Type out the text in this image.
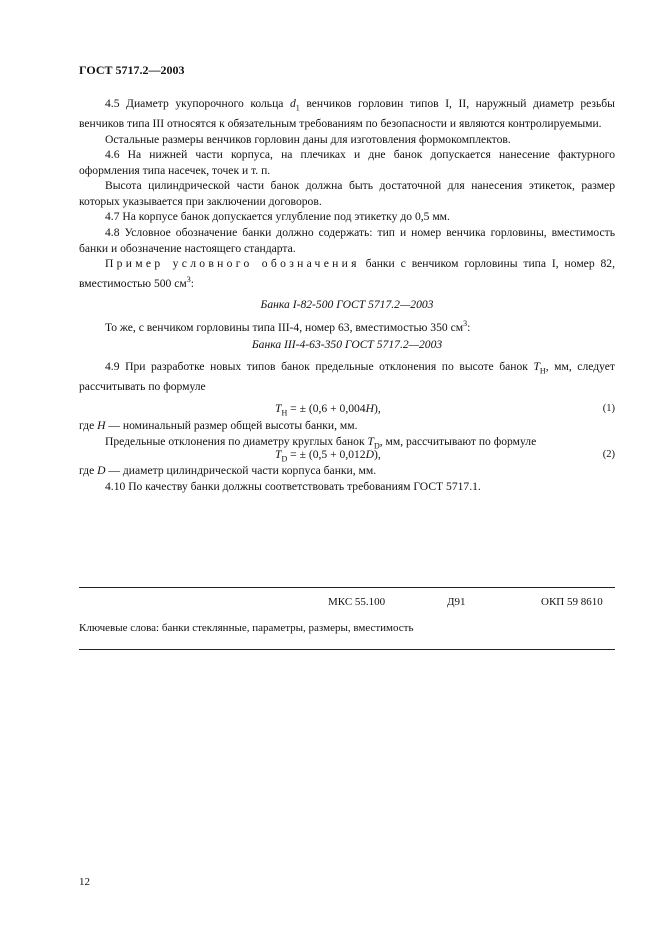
ГОСТ 5717.2—2003

4.5 Диаметр укупорочного кольца $d_1$ венчиков горловин типов I, II, наружный диаметр резьбы венчиков типа III относятся к обязательным требованиям по безопасности и являются контролируемыми.

Остальные размеры венчиков горловин даны для изготовления формокомплектов.

4.6 На нижней части корпуса, на плечиках и дне банок допускается нанесение фактурного оформления типа насечек, точек и т. п.

Высота цилиндрической части банок должна быть достаточной для нанесения этикеток, размер которых указывается при заключении договоров.

4.7 На корпусе банок допускается углубление под этикетку до 0,5 мм.

4.8 Условное обозначение банки должно содержать: тип и номер венчика горловины, вместимость банки и обозначение настоящего стандарта.

Пример условного обозначения банки с венчиком горловины типа I, номер 82, вместимостью 500 $см^3$:

Банка I-82-500 ГОСТ 5717.2—2003

То же, с венчиком горловины типа III-4, номер 63, вместимостью 350 $см^3$:

Банка III-4-63-350 ГОСТ 5717.2—2003

4.9 При разработке новых типов банок предельные отклонения по высоте банок $T_H$, мм, следует рассчитывать по формуле

$T_H$ = ± (0,6 + 0,004H),	(1)

где H — номинальный размер общей высоты банки, мм.

Предельные отклонения по диаметру круглых банок $T_D$, мм, рассчитывают по формуле

$T_D$ = ± (0,5 + 0,012D),	(2)

где D — диаметр цилиндрической части корпуса банки, мм.

4.10 По качеству банки должны соответствовать требованиям ГОСТ 5717.1.

МКС 55.100	Д91	ОКП 59 8610
Ключевые слова: банки стеклянные, параметры, размеры, вместимость
12
